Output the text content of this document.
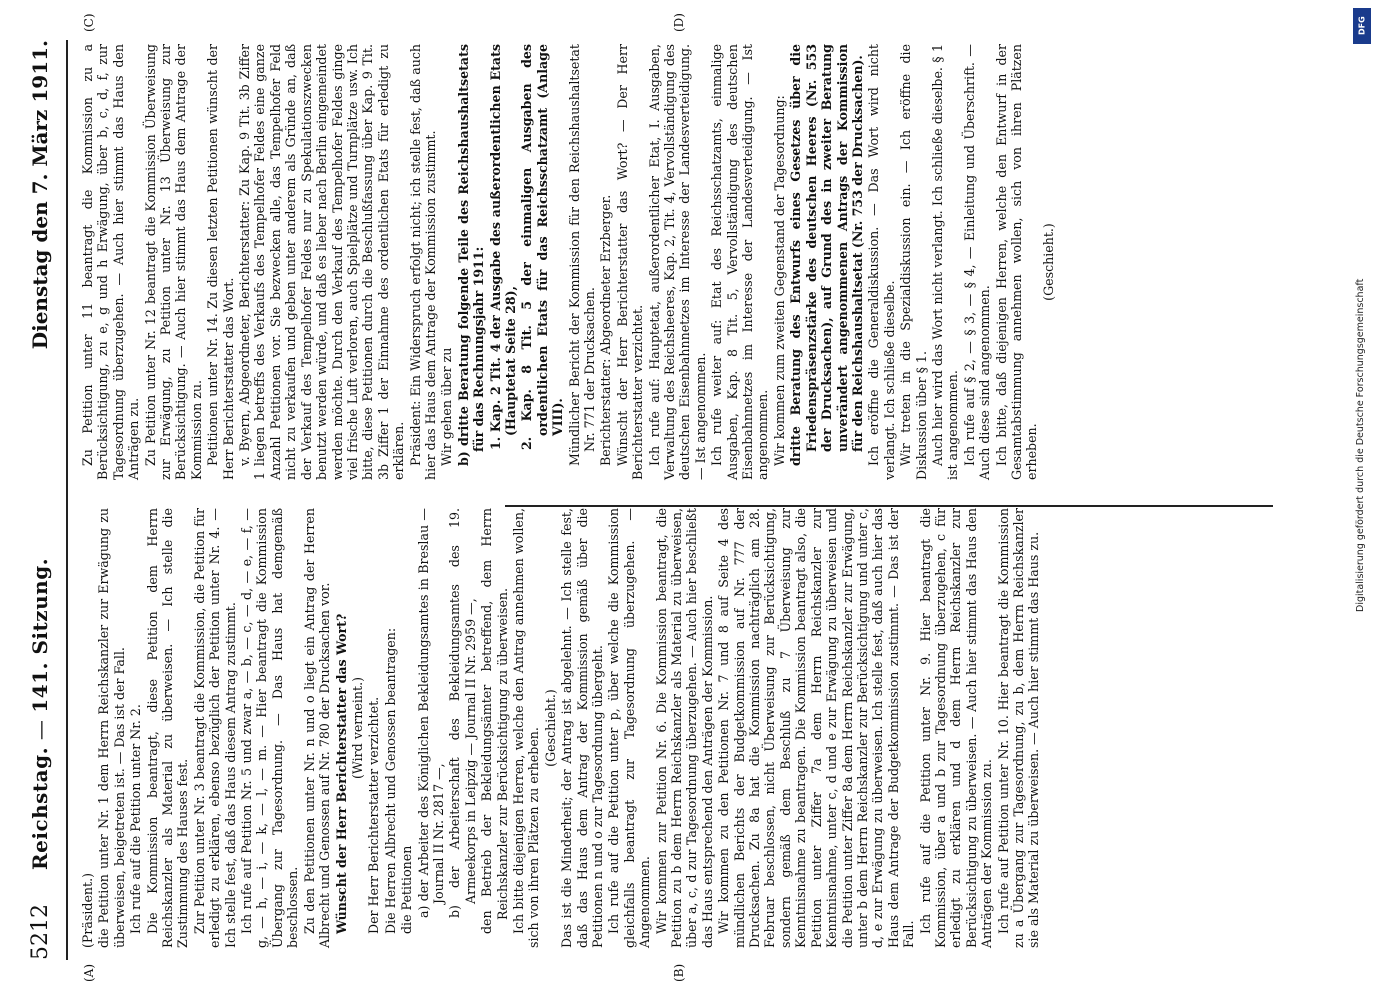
5212
Reichstag. — 141. Sitzung.
Dienstag den 7. März 1911.
(A)	(B)
(C)	(D)

(Präsident.) die Petition unter Nr. 1 dem Herrn Reichskanzler zur Erwägung zu überweisen, beigetreten ist. — Das ist der Fall. Ich rufe auf die Petition unter Nr. 2. Die Kommission beantragt, diese Petition dem Herrn Reichskanzler als Material zu überweisen. — Ich stelle die Zustimmung des Hauses fest. Zur Petition unter Nr. 3 beantragt die Kommission, die Petition für erledigt zu erklären, ebenso bezüglich der Petition unter Nr. 4. — Ich stelle fest, daß das Haus diesem Antrag zustimmt. Ich rufe auf Petition Nr. 5 und zwar a, — b, — c, — d, — e, — f, — g, — h, — i, — k, — l, — m. — Hier beantragt die Kommission Übergang zur Tagesordnung. — Das Haus hat demgemäß beschlossen. Zu den Petitionen unter Nr. n und o liegt ein Antrag der Herren Albrecht und Genossen auf Nr. 780 der Drucksachen vor. Wünscht der Herr Berichterstatter das Wort? (Wird verneint.) Der Herr Berichterstatter verzichtet. Die Herren Albrecht und Genossen beantragen: die Petitionen a) der Arbeiter des Königlichen Bekleidungsamtes in Breslau — Journal II Nr. 2817 —, b) der Arbeiterschaft des Bekleidungsamtes des 19. Armeekorps in Leipzig — Journal II Nr. 2959 —, den Betrieb der Bekleidungsämter betreffend, dem Herrn Reichskanzler zur Berücksichtigung zu überweisen. Ich bitte diejenigen Herren, welche den Antrag annehmen wollen, sich von ihren Plätzen zu erheben. (Geschieht.) Das ist die Minderheit; der Antrag ist abgelehnt. — Ich stelle fest, daß das Haus dem Antrag der Kommission gemäß über die Petitionen n und o zur Tagesordnung übergeht. Ich rufe auf die Petition unter p, über welche die Kommission gleichfalls beantragt zur Tagesordnung überzugehen. — Angenommen. Wir kommen zur Petition Nr. 6. Die Kommission beantragt, die Petition zu b dem Herrn Reichskanzler als Material zu überweisen, über a, c, d zur Tagesordnung überzugehen. — Auch hier beschließt das Haus entsprechend den Anträgen der Kommission. Wir kommen zu den Petitionen Nr. 7 und 8 auf Seite 4 des mündlichen Berichts der Budgetkommission auf Nr. 777 der Drucksachen. Zu 8a hat die Kommission nachträglich am 28. Februar beschlossen, nicht Überweisung zur Berücksichtigung, sondern gemäß dem Beschluß zu 7 Überweisung zur Kenntnisnahme zu beantragen. Die Kommission beantragt also, die Petition unter Ziffer 7a dem Herrn Reichskanzler zur Kenntnisnahme, unter c, d und e zur Erwägung zu überweisen und die Petition unter Ziffer 8a dem Herrn Reichskanzler zur Erwägung, unter b dem Herrn Reichskanzler zur Berücksichtigung und unter c, d, e zur Erwägung zu überweisen. Ich stelle fest, daß auch hier das Haus dem Antrage der Budgetkommission zustimmt. — Das ist der Fall.

Ich rufe auf die Petition unter Nr. 9. Hier beantragt die Kommission, über a und b zur Tagesordnung überzugehen, c für erledigt zu erklären und d dem Herrn Reichskanzler zur Berücksichtigung zu überweisen. — Auch hier stimmt das Haus den Anträgen der Kommission zu. Ich rufe auf Petition unter Nr. 10. Hier beantragt die Kommission zu a Übergang zur Tagesordnung, zu b, dem Herrn Reichskanzler sie als Material zu überweisen. — Auch hier stimmt das Haus zu.

Zu Petition unter 11 beantragt die Kommission zu a Berücksichtigung, zu e, g und h Erwägung, über b, c, d, f, zur Tagesordnung überzugehen. — Auch hier stimmt das Haus den Anträgen zu. Zu Petition unter Nr. 12 beantragt die Kommission Überweisung zur Erwägung, zu Petition unter Nr. 13 Überweisung zur Berücksichtigung. — Auch hier stimmt das Haus dem Antrage der Kommission zu. Petitionen unter Nr. 14. Zu diesen letzten Petitionen wünscht der Herr Berichterstatter das Wort. v. Byern, Abgeordneter, Berichterstatter: Zu Kap. 9 Tit. 3b Ziffer 1 liegen betreffs des Verkaufs des Tempelhofer Feldes eine ganze Anzahl Petitionen vor. Sie bezwecken alle, das Tempelhofer Feld nicht zu verkaufen und geben unter anderem als Gründe an, daß der Verkauf des Tempelhofer Feldes nur zu Spekulationszwecken benutzt werden würde, und daß es lieber nach Berlin eingemeindet werden möchte. Durch den Verkauf des Tempelhofer Feldes ginge viel frische Luft verloren, auch Spielplätze und Turnplätze usw. Ich bitte, diese Petitionen durch die Beschlußfassung über Kap. 9 Tit. 3b Ziffer 1 der Einnahme des ordentlichen Etats für erledigt zu erklären. Präsident: Ein Widerspruch erfolgt nicht; ich stelle fest, daß auch hier das Haus dem Antrage der Kommission zustimmt. Wir gehen über zu b) dritte Beratung folgende Teile des Reichshaushaltsetats für das Rechnungsjahr 1911: 1. Kap. 2 Tit. 4 der Ausgabe des außerordentlichen Etats (Hauptetat Seite 28), 2. Kap. 8 Tit. 5 der einmaligen Ausgaben des ordentlichen Etats für das Reichsschatzamt (Anlage VIII). Mündlicher Bericht der Kommission für den Reichshaushaltsetat Nr. 771 der Drucksachen. Berichterstatter: Abgeordneter Erzberger. Wünscht der Herr Berichterstatter das Wort? — Der Herr Berichterstatter verzichtet. Ich rufe auf: Hauptetat, außerordentlicher Etat, I. Ausgaben, Verwaltung des Reichsheeres, Kap. 2, Tit. 4, Vervollständigung des deutschen Eisenbahnnetzes im Interesse der Landesverteidigung. — Ist angenommen. Ich rufe weiter auf: Etat des Reichsschatzamts, einmalige Ausgaben, Kap. 8 Tit. 5, Vervollständigung des deutschen Eisenbahnnetzes im Interesse der Landesverteidigung. — Ist angenommen. Wir kommen zum zweiten Gegenstand der Tagesordnung: dritte Beratung des Entwurfs eines Gesetzes über die Friedenspräsenzstärke des deutschen Heeres (Nr. 553 der Drucksachen), auf Grund des in zweiter Beratung unverändert angenommenen Antrags der Kommission für den Reichshaushaltsetat (Nr. 753 der Drucksachen). Ich eröffne die Generaldiskussion. — Das Wort wird nicht verlangt. Ich schließe dieselbe. Wir treten in die Spezialdiskussion ein. — Ich eröffne die Diskussion über § 1. Auch hier wird das Wort nicht verlangt. Ich schließe dieselbe. § 1 ist angenommen. Ich rufe auf § 2, — § 3, — § 4, — Einleitung und Überschrift. — Auch diese sind angenommen. Ich bitte, daß diejenigen Herren, welche den Entwurf in der Gesamtabstimmung annehmen wollen, sich von ihren Plätzen erheben.

(Geschieht.)

DFG
Digitalisierung gefördert durch die Deutsche Forschungsgemeinschaft
